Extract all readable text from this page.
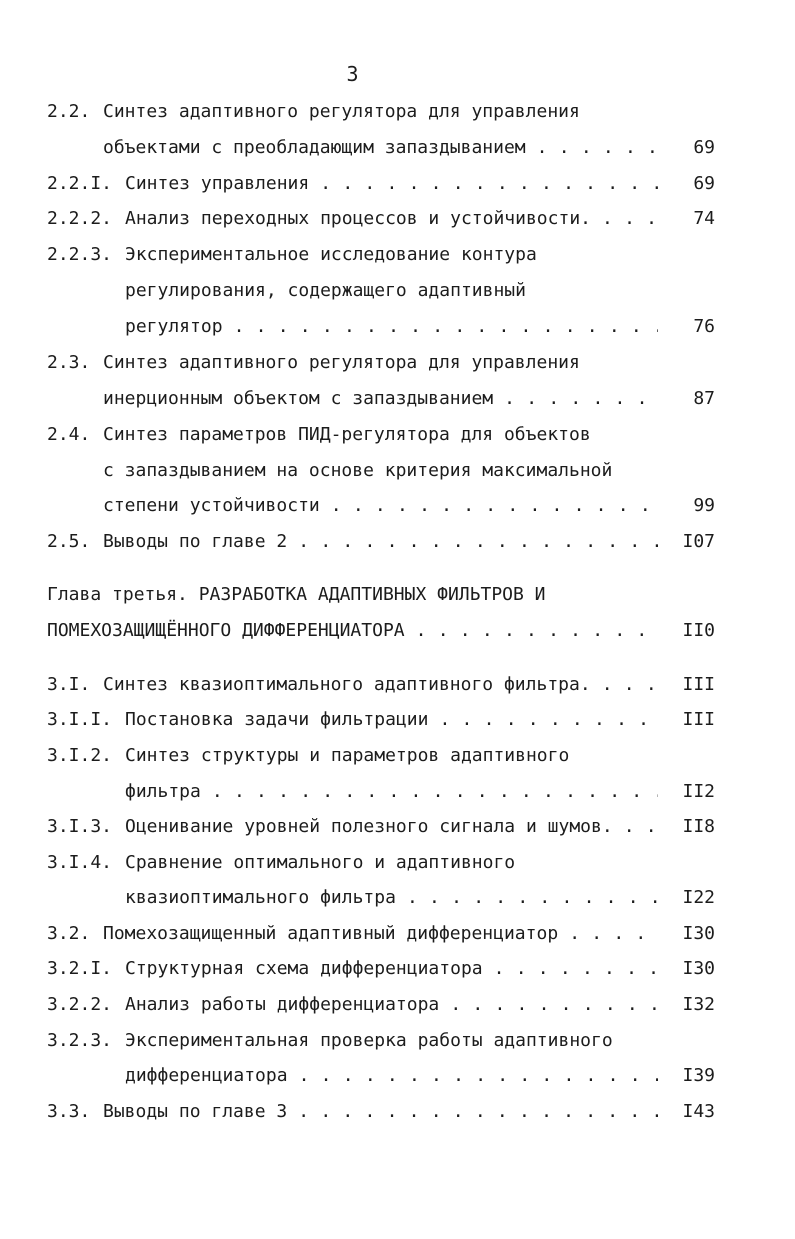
3
2.2. Синтез адаптивного регулятора для управления
объектами с преобладающим запаздыванием . . .	69
2.2.I. Синтез управления . . .	69
2.2.2. Анализ переходных процессов и устойчивости. . . .	74
2.2.3. Экспериментальное исследование контура
регулирования, содержащего адаптивный
регулятор . . .	76
2.3. Синтез адаптивного регулятора для управления
инерционным объектом с запаздыванием . . .	87
2.4. Синтез параметров ПИД-регулятора для объектов
с запаздыванием на основе критерия максимальной
степени устойчивости . . .	99
2.5. Выводы по главе 2 . . .	I07
Глава третья. РАЗРАБОТКА АДАПТИВНЫХ ФИЛЬТРОВ И
ПОМЕХОЗАЩИЩЁННОГО ДИФФЕРЕНЦИАТОРА . . .	II0
3.I. Синтез квазиоптимального адаптивного фильтра. . . .	III
3.I.I. Постановка задачи фильтрации . . .	III
3.I.2. Синтез структуры и параметров адаптивного
фильтра . . .	II2
3.I.3. Оценивание уровней полезного сигнала и шумов. . . .	II8
3.I.4. Сравнение оптимального и адаптивного
квазиоптимального фильтра . . .	I22
3.2. Помехозащищенный адаптивный дифференциатор . . .	I30
3.2.I. Структурная схема дифференциатора . . .	I30
3.2.2. Анализ работы дифференциатора . . .	I32
3.2.3. Экспериментальная проверка работы адаптивного
дифференциатора . . .	I39
3.3. Выводы по главе 3 . . .	I43
